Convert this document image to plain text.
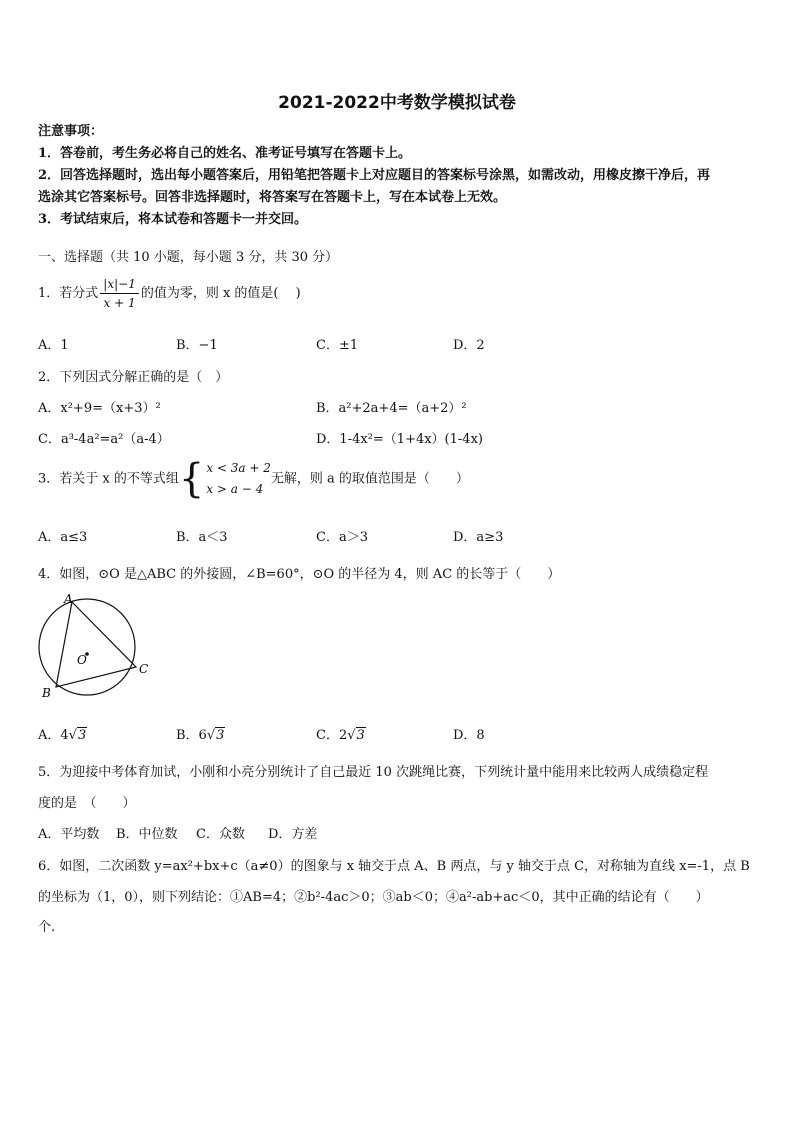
2021-2022中考数学模拟试卷
注意事项：
1．答卷前，考生务必将自己的姓名、准考证号填写在答题卡上。
2．回答选择题时，选出每小题答案后，用铅笔把答题卡上对应题目的答案标号涂黑，如需改动，用橡皮擦干净后，再
选涂其它答案标号。回答非选择题时，将答案写在答题卡上，写在本试卷上无效。
3．考试结束后，将本试卷和答题卡一并交回。
一、选择题（共 10 小题，每小题 3 分，共 30 分）
1．若分式 $\frac{|x|-1}{x + 1}$ 的值为零，则 x 的值是(　 )
A．1	B．−1	C．±1	D．2
2．下列因式分解正确的是（　）
A．x²+9=（x+3）²	B．a²+2a+4=（a+2）²
C．a³-4a²=a²（a-4）	D．1-4x²=（1+4x）(1-4x)
3．若关于 x 的不等式组{ x < 3a + 2
x > a − 4
无解，则 a 的取值范围是（　　）
A．a≤3	B．a＜3	C．a＞3	D．a≥3
4．如图，⊙O 是△ABC 的外接圆，∠B=60°，⊙O 的半径为 4，则 AC 的长等于（　　）
A
B
C
O
A．4√3	B．6√3	C．2√3	D．8
5．为迎接中考体育加试，小刚和小亮分别统计了自己最近 10 次跳绳比赛，下列统计量中能用来比较两人成绩稳定程
度的是　（　　）
A．平均数 B．中位数 C．众数 D．方差
6．如图，二次函数 y=ax²+bx+c（a≠0）的图象与 x 轴交于点 A、B 两点，与 y 轴交于点 C，对称轴为直线 x=-1，点 B
的坐标为（1，0），则下列结论：①AB=4；②b²-4ac＞0；③ab＜0；④a²-ab+ac＜0，其中正确的结论有（　　）
个.
